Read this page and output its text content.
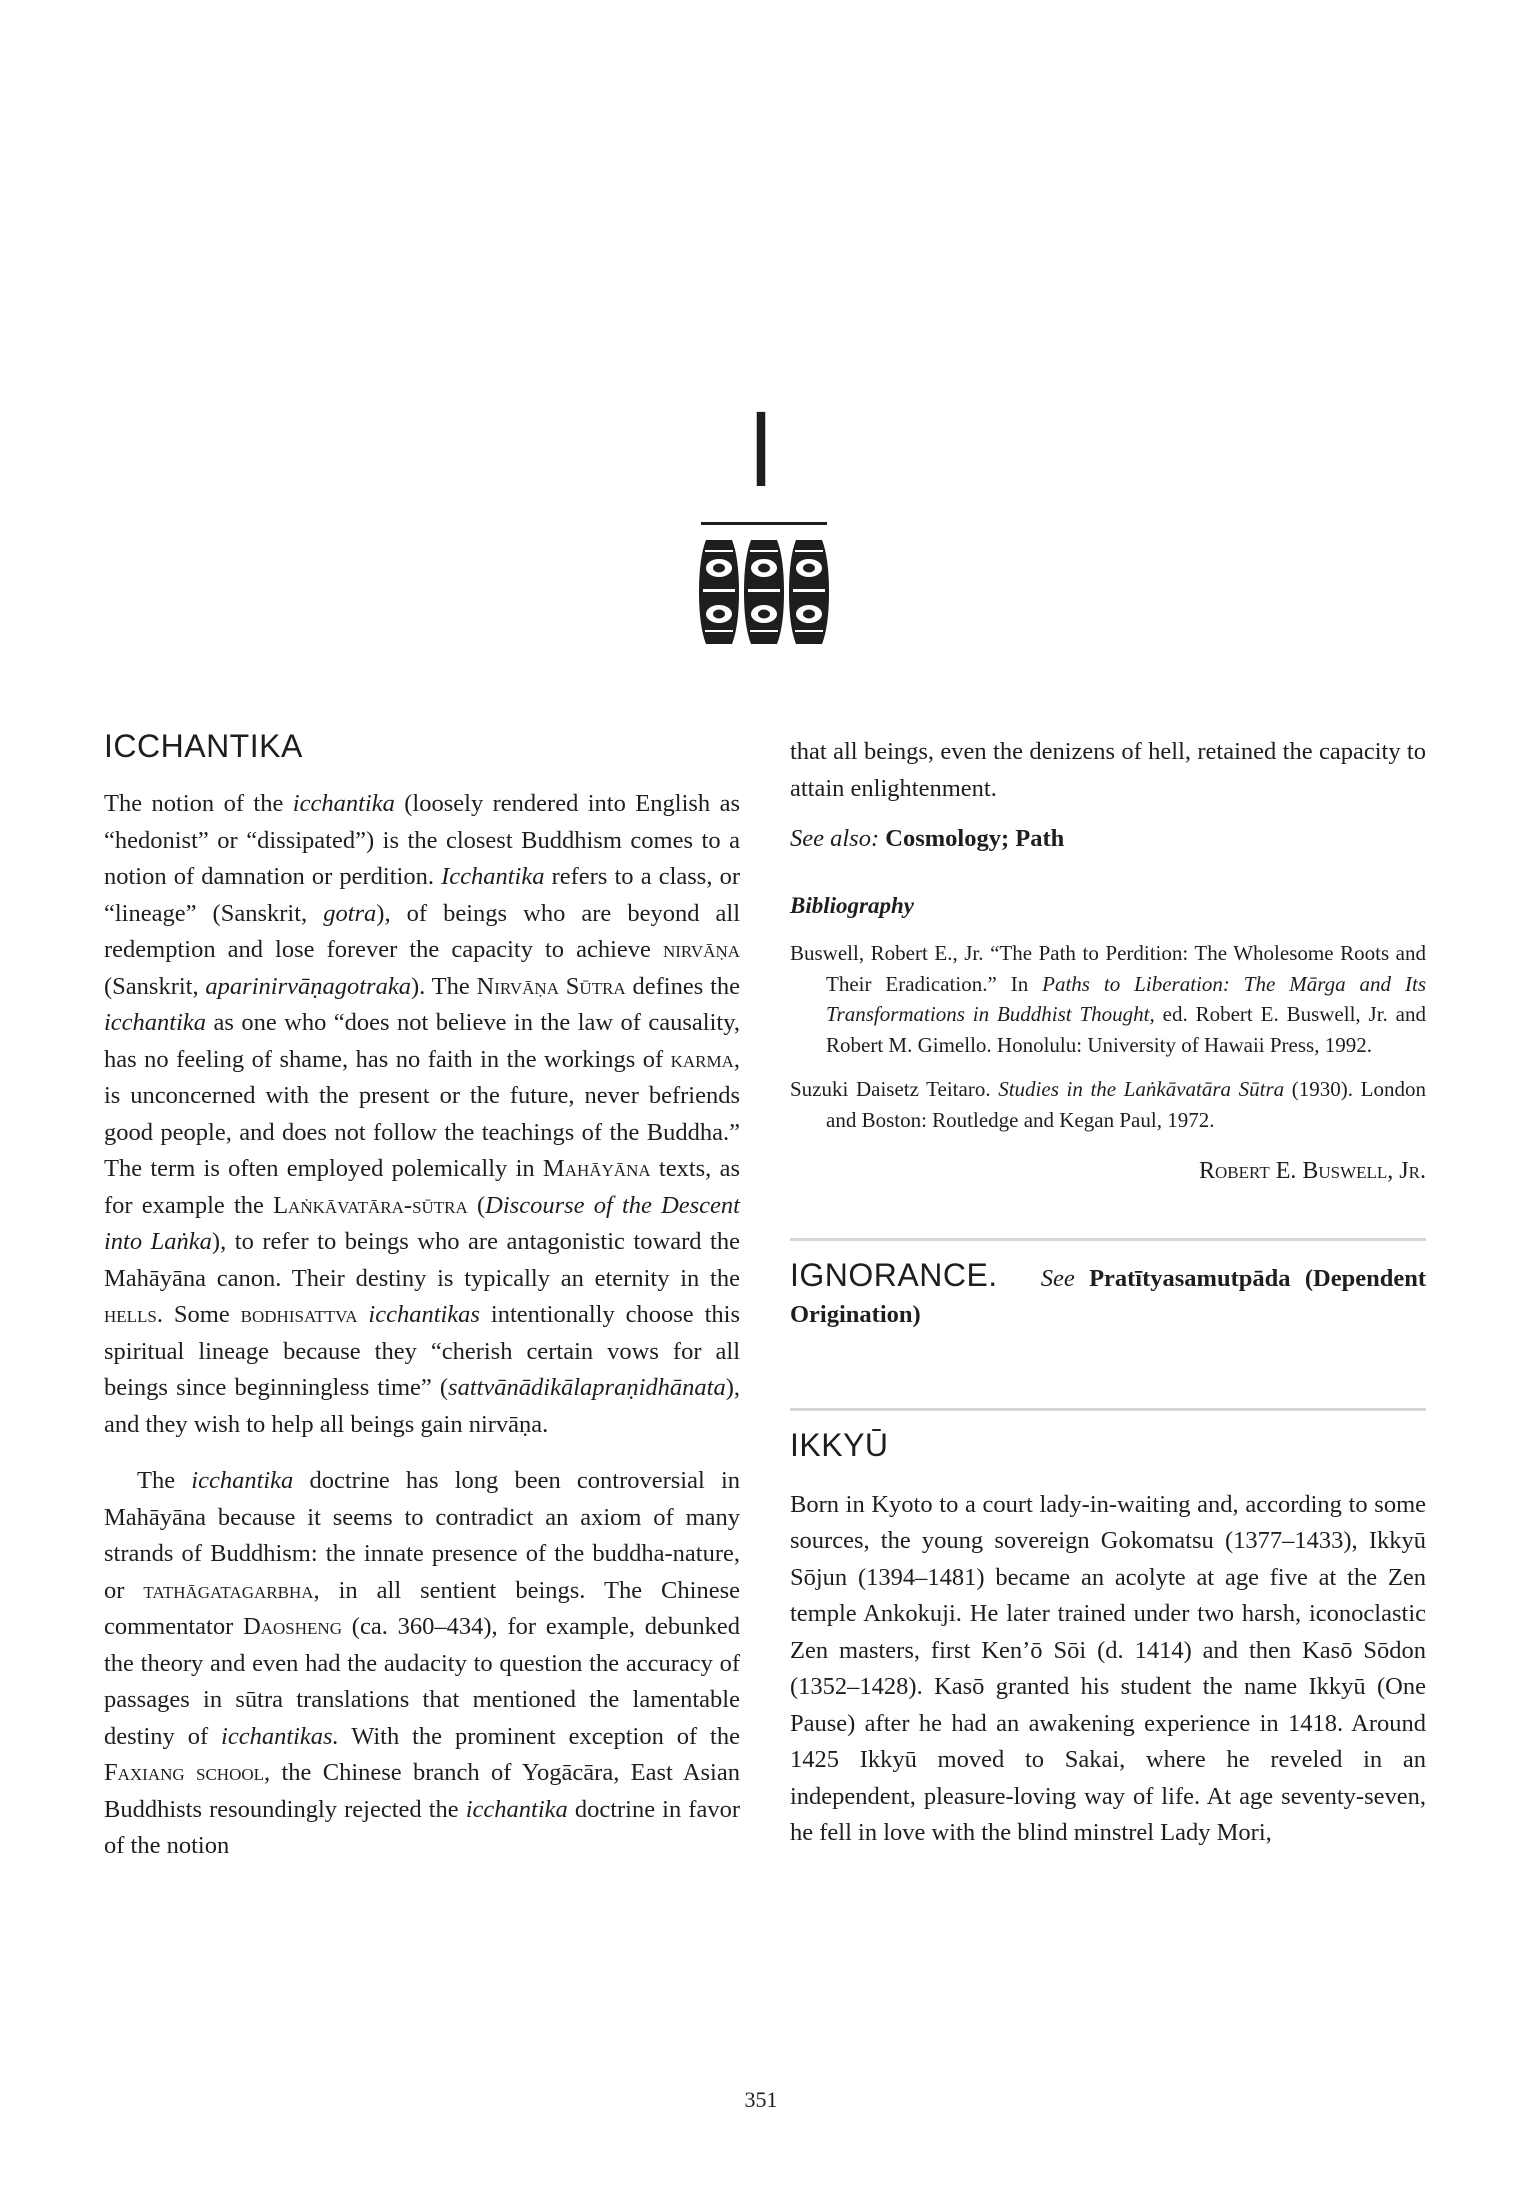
I
ICCHANTIKA

The notion of the icchantika (loosely rendered into English as “hedonist” or “dissipated”) is the closest Buddhism comes to a notion of damnation or perdition. Icchantika refers to a class, or “lineage” (Sanskrit, gotra), of beings who are beyond all redemption and lose forever the capacity to achieve nirvāṇa (Sanskrit, aparinirvāṇagotraka). The Nirvāṇa Sūtra defines the icchantika as one who “does not believe in the law of causality, has no feeling of shame, has no faith in the workings of karma, is unconcerned with the present or the future, never befriends good people, and does not follow the teachings of the Buddha.” The term is often employed polemically in Mahāyāna texts, as for example the Laṅkāvatāra-sūtra (Discourse of the Descent into Laṅka), to refer to beings who are antagonistic toward the Mahāyāna canon. Their destiny is typically an eternity in the hells. Some bodhisattva icchantikas intentionally choose this spiritual lineage because they “cherish certain vows for all beings since beginningless time” (sattvānādikālapraṇidhānata), and they wish to help all beings gain nirvāṇa.

The icchantika doctrine has long been controversial in Mahāyāna because it seems to contradict an axiom of many strands of Buddhism: the innate presence of the buddha-nature, or tathāgatagarbha, in all sentient beings. The Chinese commentator Daosheng (ca. 360–434), for example, debunked the theory and even had the audacity to question the accuracy of passages in sūtra translations that mentioned the lamentable destiny of icchantikas. With the prominent exception of the Faxiang school, the Chinese branch of Yogācāra, East Asian Buddhists resoundingly rejected the icchantika doctrine in favor of the notion

that all beings, even the denizens of hell, retained the capacity to attain enlightenment.

See also: Cosmology; Path
Bibliography

Buswell, Robert E., Jr. “The Path to Perdition: The Wholesome Roots and Their Eradication.” In Paths to Liberation: The Mārga and Its Transformations in Buddhist Thought, ed. Robert E. Buswell, Jr. and Robert M. Gimello. Honolulu: University of Hawaii Press, 1992.

Suzuki Daisetz Teitaro. Studies in the Laṅkāvatāra Sūtra (1930). London and Boston: Routledge and Kegan Paul, 1972.

Robert E. Buswell, Jr.

IGNORANCE. See Pratītyasamutpāda (Dependent Origination)

IKKYŪ

Born in Kyoto to a court lady-in-waiting and, according to some sources, the young sovereign Gokomatsu (1377–1433), Ikkyū Sōjun (1394–1481) became an acolyte at age five at the Zen temple Ankokuji. He later trained under two harsh, iconoclastic Zen masters, first Ken’ō Sōi (d. 1414) and then Kasō Sōdon (1352–1428). Kasō granted his student the name Ikkyū (One Pause) after he had an awakening experience in 1418. Around 1425 Ikkyū moved to Sakai, where he reveled in an independent, pleasure-loving way of life. At age seventy-seven, he fell in love with the blind minstrel Lady Mori,

351
